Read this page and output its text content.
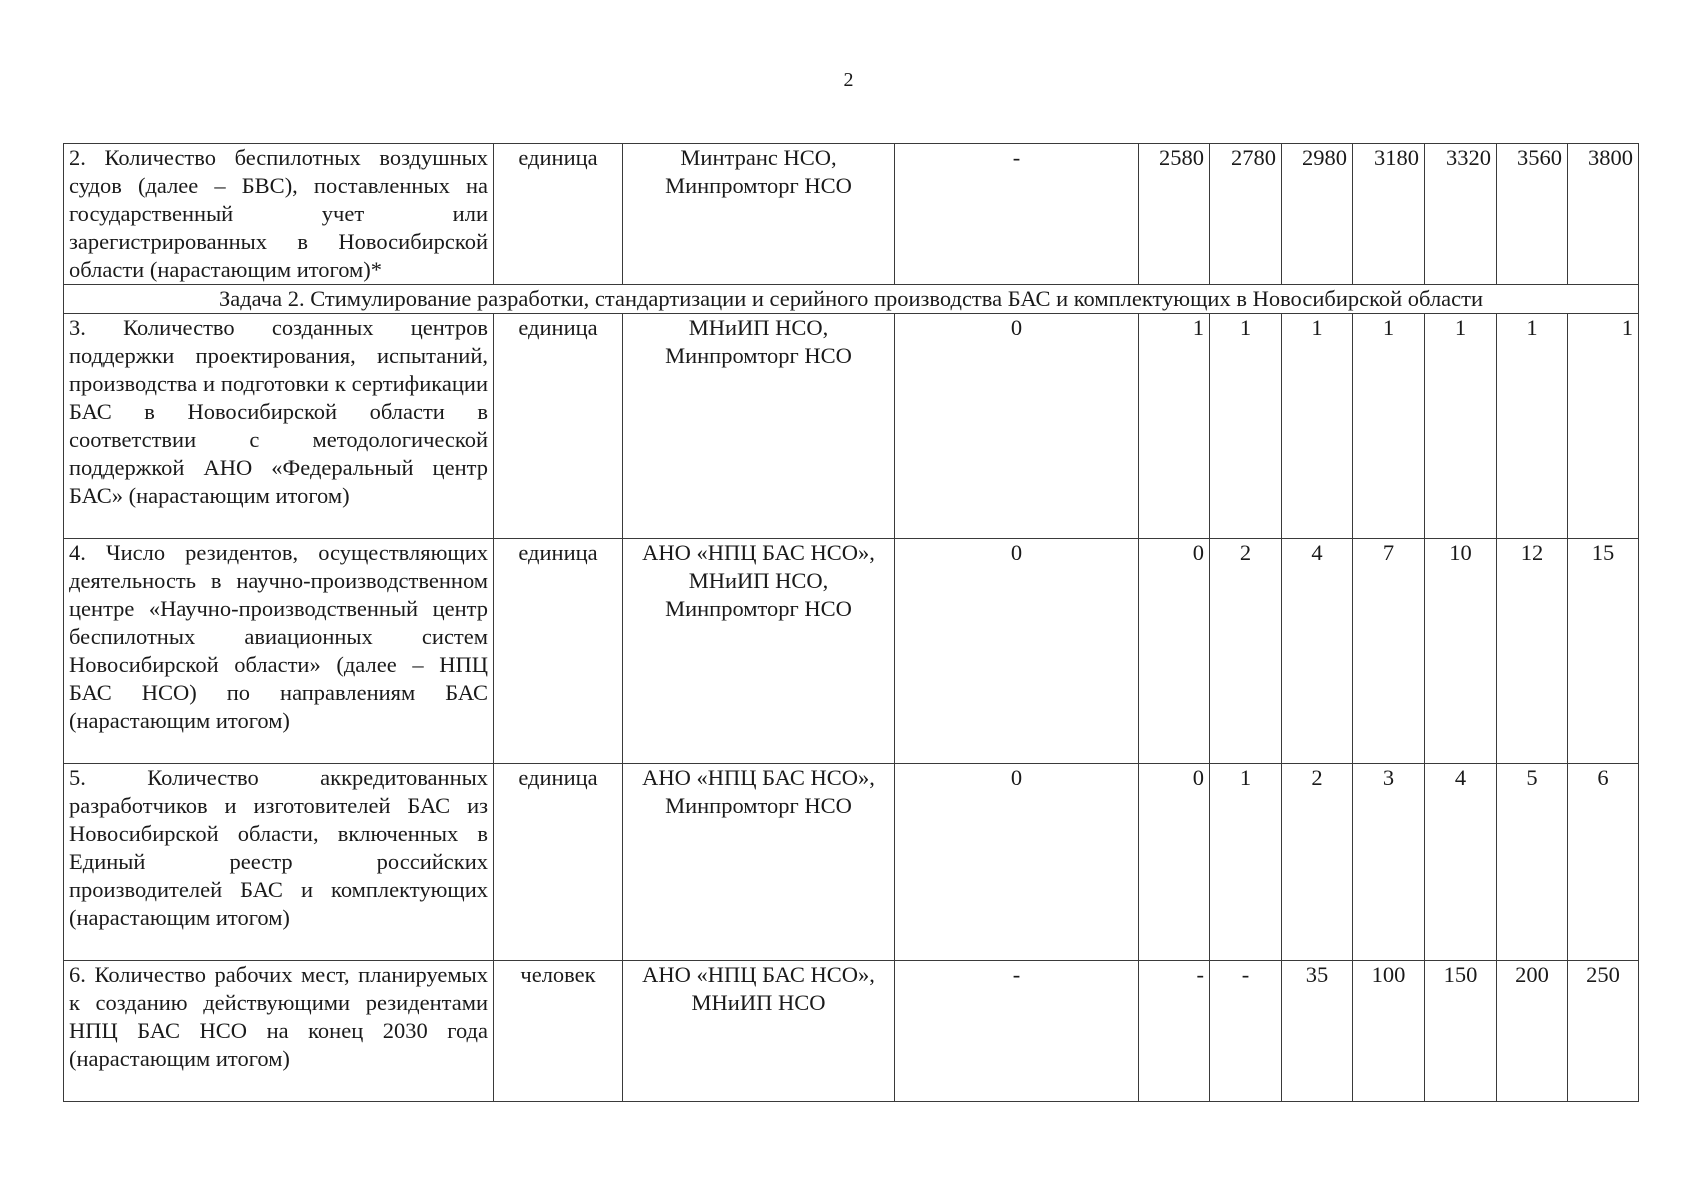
2
2. Количество беспилотных воздушных судов (далее – БВС), поставленных на государственный учет или зарегистрированных в Новосибирской области (нарастающим итогом)*	единица	Минтранс НСО, Минпромторг НСО	-	2580	2780	2980	3180	3320	3560	3800
Задача 2. Стимулирование разработки, стандартизации и серийного производства БАС и комплектующих в Новосибирской области										
3. Количество созданных центров поддержки проектирования, испытаний, производства и подготовки к сертификации БАС в Новосибирской области в соответствии с методологической поддержкой АНО «Федеральный центр БАС» (нарастающим итогом)	единица	МНиИП НСО, Минпромторг НСО	0	1	1	1	1	1	1	1
4. Число резидентов, осуществляющих деятельность в научно-производственном центре «Научно-производственный центр беспилотных авиационных систем Новосибирской области» (далее – НПЦ БАС НСО) по направлениям БАС (нарастающим итогом)	единица	АНО «НПЦ БАС НСО», МНиИП НСО, Минпромторг НСО	0	0	2	4	7	10	12	15
5. Количество аккредитованных разработчиков и изготовителей БАС из Новосибирской области, включенных в Единый реестр российских производителей БАС и комплектующих (нарастающим итогом)	единица	АНО «НПЦ БАС НСО», Минпромторг НСО	0	0	1	2	3	4	5	6
6. Количество рабочих мест, планируемых к созданию действующими резидентами НПЦ БАС НСО на конец 2030 года (нарастающим итогом)	человек	АНО «НПЦ БАС НСО», МНиИП НСО	-	-	-	35	100	150	200	250
